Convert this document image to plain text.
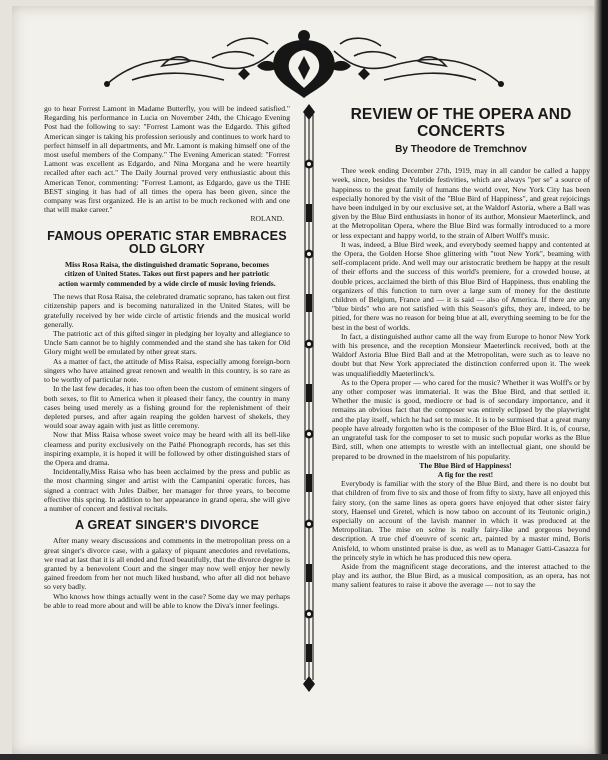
go to hear Forrest Lamont in Madame Butterfly, you will be indeed satisfied." Regarding his performance in Lucia on November 24th, the Chicago Evening Post had the following to say: "Forrest Lamont was the Edgardo. This gifted American singer is taking his profession seriously and continues to work hard to perfect himself in all departments, and Mr. Lamont is making himself one of the most useful members of the Company." The Evening American stated: "Forrest Lamont was excellent as Edgardo, and Nina Morgana and he were heartily recalled after each act." The Daily Journal proved very enthusiastic about this American Tenor, commenting: "Forrest Lamont, as Edgardo, gave us the THE BEST singing it has had of all times the opera has been given, since the company was first organized. He is an artist to be much reckoned with and one that will make career."

ROLAND.
FAMOUS OPERATIC STAR EMBRACES OLD GLORY
Miss Rosa Raisa, the distinguished dramatic Soprano, becomes citizen of United States. Takes out first papers and her patriotic action warmly commended by a wide circle of music loving friends.

The news that Rosa Raisa, the celebrated dramatic soprano, has taken out first citizenship papers and is becoming naturalized in the United States, will be gratefully received by her wide circle of artistic friends and the musical world generally.

The patriotic act of this gifted singer in pledging her loyalty and allegiance to Uncle Sam cannot be to highly commended and the stand she has taken for Old Glory might well be emulated by other great stars.

As a matter of fact, the attitude of Miss Raisa, especially among foreign-born singers who have attained great renown and wealth in this country, is so rare as to be worthy of particular note.

In the last few decades, it has too often been the custom of eminent singers of both sexes, to flit to America when it pleased their fancy, the country in many cases being used merely as a fishing ground for the replenishment of their depleted purses, and after again reaping the golden harvest of shekels, they would soar away again with just as little ceremony.

Now that Miss Raisa whose sweet voice may be heard with all its bell-like clearness and purity exclusively on the Pathé Phonograph records, has set this inspiring example, it is hoped it will be followed by other distinguished stars of the Opera and drama.

Incidentally,Miss Raisa who has been acclaimed by the press and public as the most charming singer and artist with the Campanini operatic forces, has signed a contract with Jules Daiber, her manager for three years, to become effective this spring. In addition to her appearance in grand opera, she will give a number of concert and festival recitals.

A GREAT SINGER'S DIVORCE

After many weary discussions and comments in the metropolitan press on a great singer's divorce case, with a galaxy of piquant anecdotes and revelations, we read at last that it is all ended and fixed beautifully, that the divorce degree is granted by a benevolent Court and the singer may now well enjoy her newly gained freedom from her not much liked husband, who after all did not behave so very badly.

Who knows how things actually went in the case? Some day we may perhaps be able to read more about and will be able to know the Diva's inner feelings.

REVIEW OF THE OPERA AND CONCERTS
By Theodore de Tremchnov

Thee week ending December 27th, 1919, may in all candor be called a happy week, since, besides the Yuletide festivities, which are always "per se" a source of happiness to the great family of humans the world over, New York City has been especially honored by the visit of the "Blue Bird of Happiness", and great rejoicings have been indulged in by our exclusive set, at the Waldorf Astoria, where a Ball was given by the Blue Bird enthusiasts in honor of its author, Monsieur Maeterlinck, and at the Metropolitan Opera, where the Blue Bird was formally introduced to a more or less expectant and happy world, to the strain of Albert Wolff's music.

It was, indeed, a Blue Bird week, and everybody seemed happy and contented at the Opera, the Golden Horse Shoe glittering with "tout New York", beaming with self-complacent pride. And well may our aristocratic brethern be happy at the result of their efforts and the success of this world's premiere, for a crowded house, at double prices, acclaimed the birth of this Blue Bird of Happiness, thus enabling the organizers of this function to turn over a large sum of money for the destitute children of Belgium, France and — it is said — also of America. If there are any "blue birds" who are not satisfied with this Season's gifts, they are, indeed, to be pitied, for there was no reason for being blue at all, everything seeming to be for the best in the best of worlds.

In fact, a distinguished author came all the way from Europe to honor New York with his presence, and the reception Monsieur Maeterlinck received, both at the Waldorf Astoria Blue Bird Ball and at the Metropolitan, were such as to leave no doubt but that New York appreciated the distinction conferred upon it. The week was unqualifieddly Maeterlinck's.

As to the Opera proper — who cared for the music? Whether it was Wolff's or by any other composer was immaterial. It was the Blue Bird, and that settled it. Whether the music is good, mediocre or bad is of secondary importance, and it remains an obvious fact that the composer was entirely eclipsed by the playwright and the play itself, which he had set to music. It is to be surmised that a great many people have already forgotten who is the composer of the Blue Bird. It is, of course, an ungrateful task for the composer to set to music such popular works as the Blue Bird, still, when one attempts to wrestle with an intellectual giant, one should be prepared to be drowned in the maelstrom of his popularity.

The Blue Bird of Happiness!

A fig for the rest!

Everybody is familiar with the story of the Blue Bird, and there is no doubt but that children of from five to six and those of from fifty to sixty, have all enjoyed this fairy story, (on the same lines as opera goers have enjoyed that other sister fairy story, Haensel und Gretel, which is now taboo on account of its Teutonic origin,) especially on account of the lavish manner in which it was produced at the Metropolitan. The mise en scène is really fairy-like and gorgeous beyond description. A true chef d'oeuvre of scenic art, painted by a master mind, Boris Anisfeld, to whom unstinted praise is due, as well as to Manager Gatti-Casazza for the princely style in which he has produced this new opera.

Aside from the magnificent stage decorations, and the interest attached to the play and its author, the Blue Bird, as a musical composition, as an opera, has not many salient features to raise it above the average — not to say the
